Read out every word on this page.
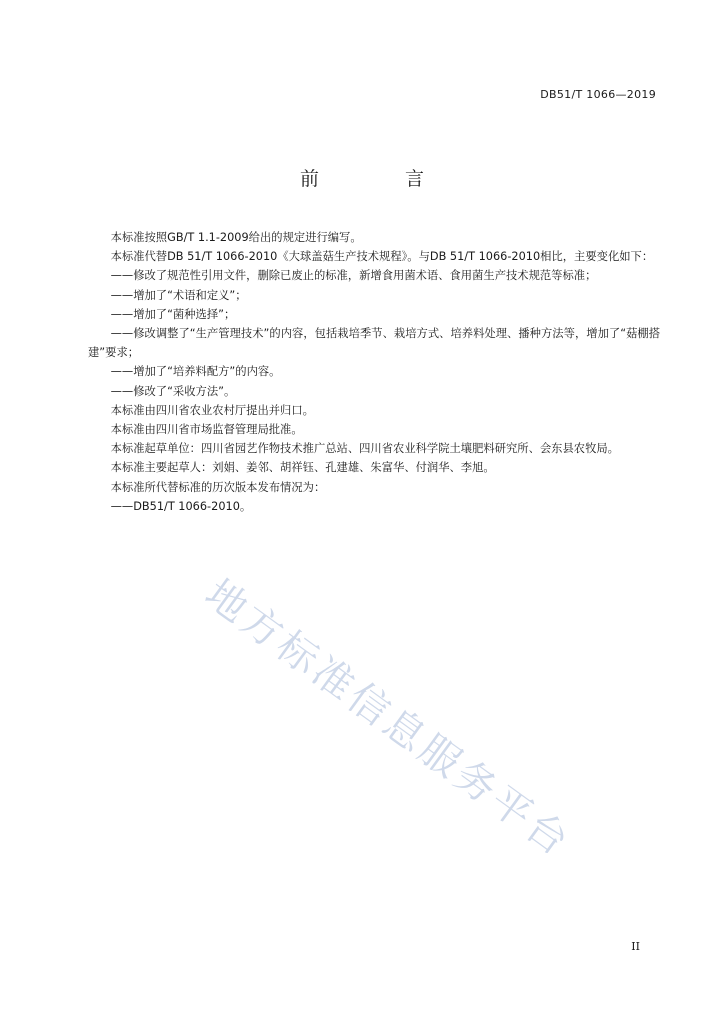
DB51/T 1066—2019
前 言

本标准按照GB/T 1.1-2009给出的规定进行编写。

本标准代替DB 51/T 1066-2010《大球盖菇生产技术规程》。与DB 51/T 1066-2010相比，主要变化如下：

——修改了规范性引用文件，删除已废止的标准，新增食用菌术语、食用菌生产技术规范等标准；

——增加了“术语和定义”；

——增加了“菌种选择”；

——修改调整了“生产管理技术”的内容，包括栽培季节、栽培方式、培养料处理、播种方法等，增加了“菇棚搭建”要求；

——增加了“培养料配方”的内容。

——修改了“采收方法”。

本标准由四川省农业农村厅提出并归口。

本标准由四川省市场监督管理局批准。

本标准起草单位：四川省园艺作物技术推广总站、四川省农业科学院土壤肥料研究所、会东县农牧局。

本标准主要起草人：刘娟、姜邻、胡祥钰、孔建雄、朱富华、付润华、李旭。

本标准所代替标准的历次版本发布情况为：

——DB51/T 1066-2010。

地方标准信息服务平台
II
